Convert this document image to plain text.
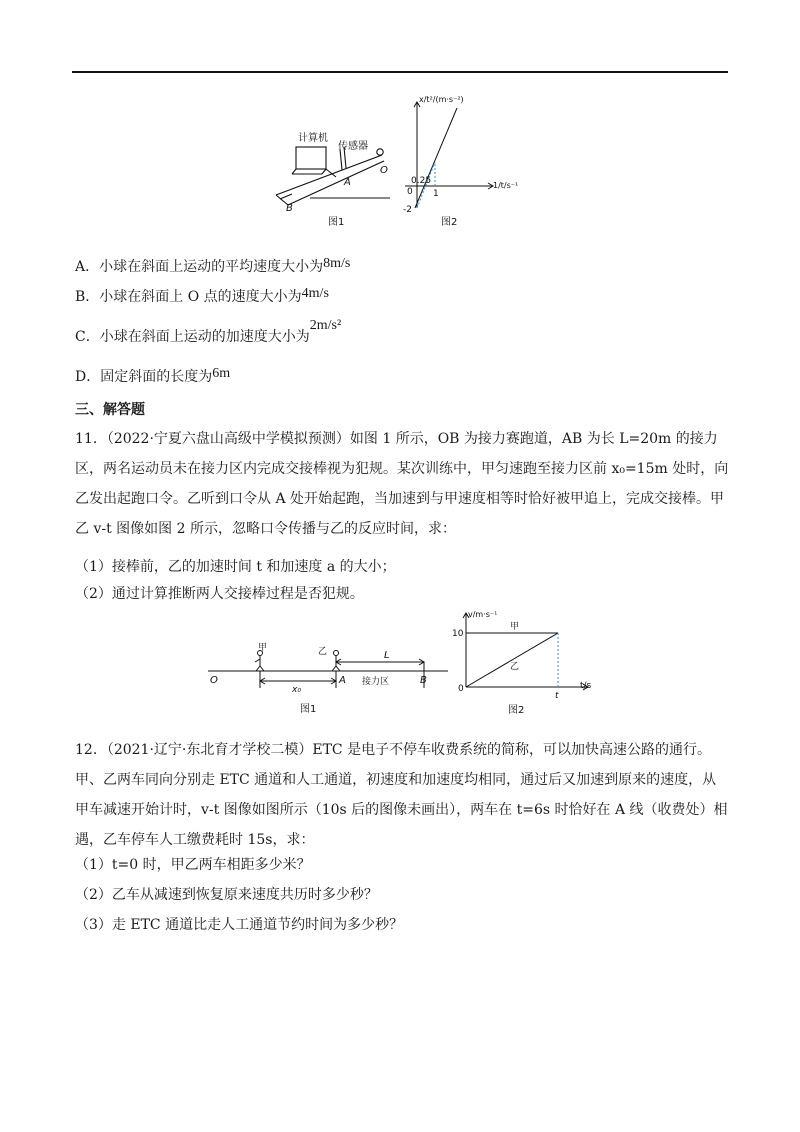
计算机
传感器
A
B
O
图1
x/t²/(m·s⁻²)
1/t/s⁻¹
0
0.25
1
-2
图2
A．小球在斜面上运动的平均速度大小为8m/s
B．小球在斜面上 O 点的速度大小为4m/s
C．小球在斜面上运动的加速度大小为2m/s²
D．固定斜面的长度为6m
三、解答题
11．（2022·宁夏六盘山高级中学模拟预测）如图 1 所示，OB 为接力赛跑道，AB 为长 L=20m 的接力区，两名运动员未在接力区内完成交接棒视为犯规。某次训练中，甲匀速跑至接力区前 x₀=15m 处时，向乙发出起跑口令。乙听到口令从 A 处开始起跑，当加速到与甲速度相等时恰好被甲追上，完成交接棒。甲乙 v-t 图像如图 2 所示，忽略口令传播与乙的反应时间，求：
（1）接棒前，乙的加速时间 t 和加速度 a 的大小；
（2）通过计算推断两人交接棒过程是否犯规。
甲	乙
O	A	B
L
x₀
接力区
图1
v/m·s⁻¹
t/s
10
0
t
甲
乙
图2
12．（2021·辽宁·东北育才学校二模）ETC 是电子不停车收费系统的简称，可以加快高速公路的通行。甲、乙两车同向分别走 ETC 通道和人工通道，初速度和加速度均相同，通过后又加速到原来的速度，从甲车减速开始计时，v-t 图像如图所示（10s 后的图像未画出），两车在 t=6s 时恰好在 A 线（收费处）相遇，乙车停车人工缴费耗时 15s，求：
（1）t=0 时，甲乙两车相距多少米？
（2）乙车从减速到恢复原来速度共历时多少秒？
（3）走 ETC 通道比走人工通道节约时间为多少秒？
